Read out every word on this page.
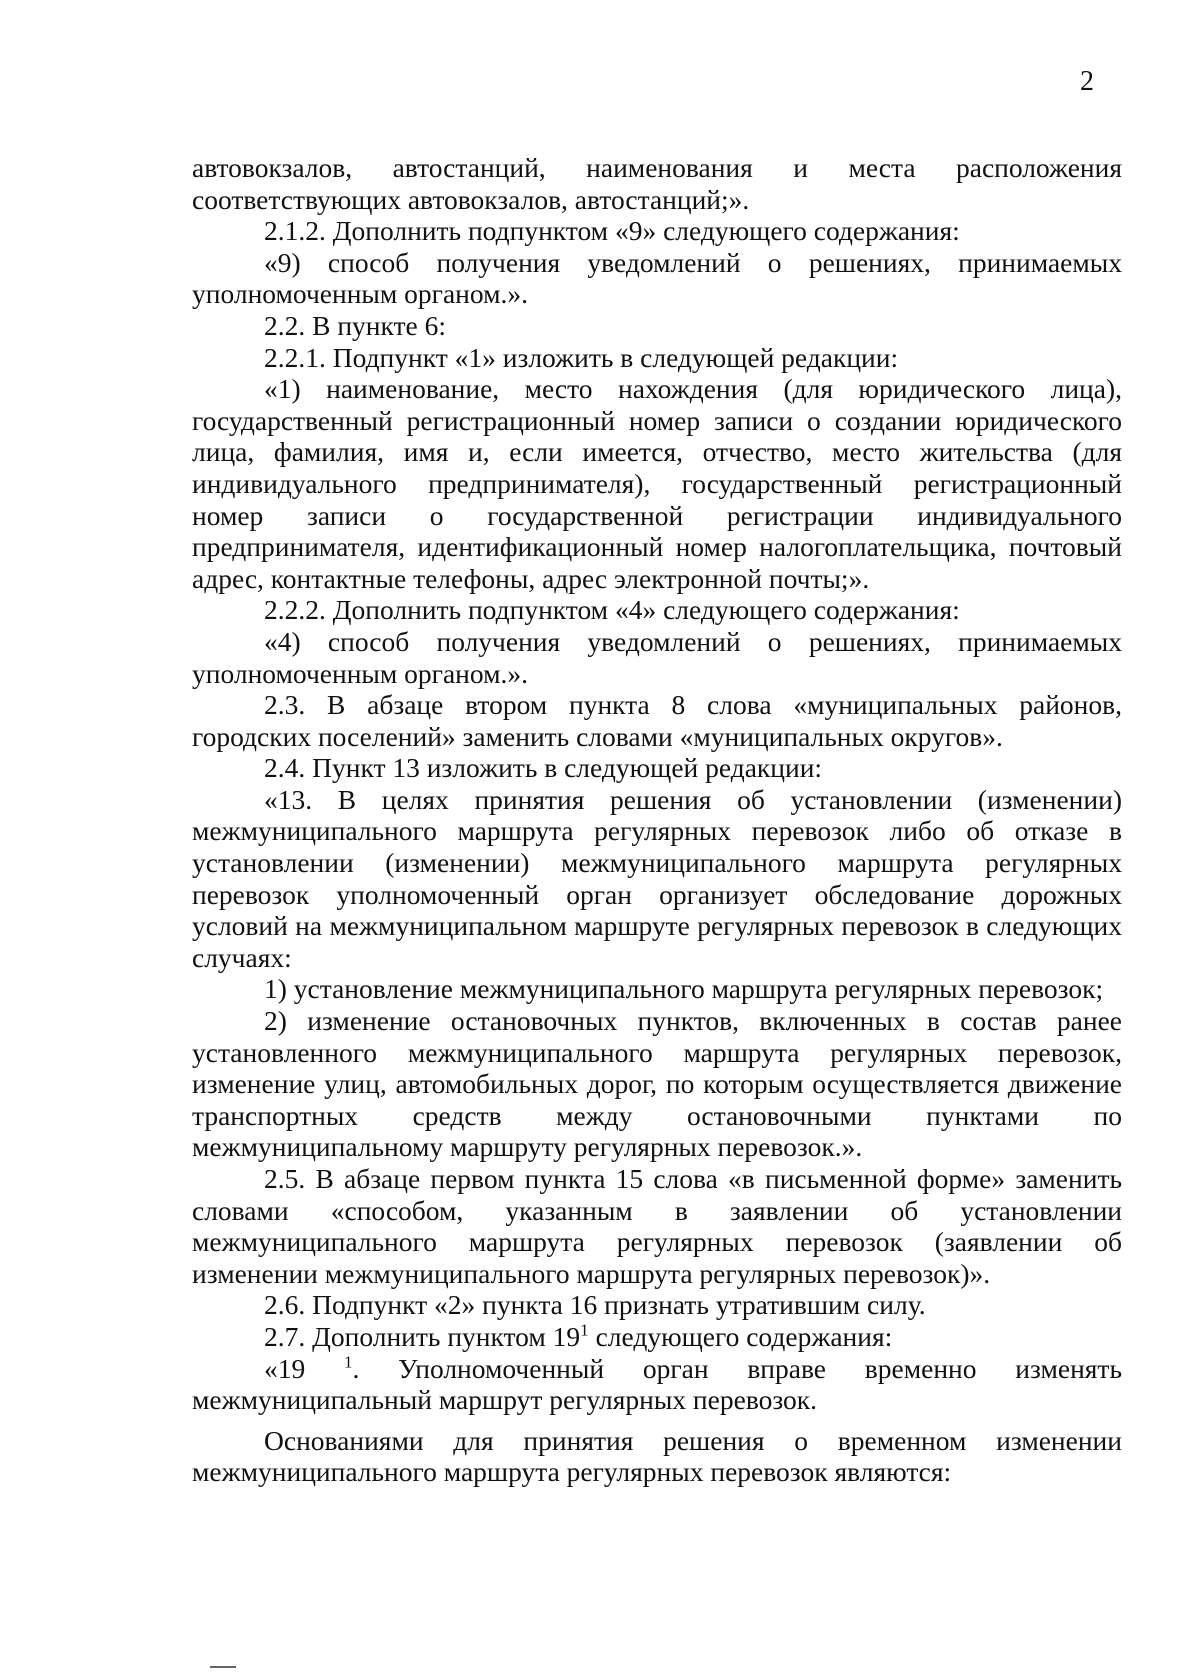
2

автовокзалов, автостанций, наименования и места расположения соответствующих автовокзалов, автостанций;».

2.1.2. Дополнить подпунктом «9» следующего содержания:

«9) способ получения уведомлений о решениях, принимаемых уполномоченным органом.».

2.2. В пункте 6:

2.2.1. Подпункт «1» изложить в следующей редакции:

«1) наименование, место нахождения (для юридического лица), государственный регистрационный номер записи о создании юридического лица, фамилия, имя и, если имеется, отчество, место жительства (для индивидуального предпринимателя), государственный регистрационный номер записи о государственной регистрации индивидуального предпринимателя, идентификационный номер налогоплательщика, почтовый адрес, контактные телефоны, адрес электронной почты;».

2.2.2. Дополнить подпунктом «4» следующего содержания:

«4) способ получения уведомлений о решениях, принимаемых уполномоченным органом.».

2.3. В абзаце втором пункта 8 слова «муниципальных районов, городских поселений» заменить словами «муниципальных округов».

2.4. Пункт 13 изложить в следующей редакции:

«13. В целях принятия решения об установлении (изменении) межмуниципального маршрута регулярных перевозок либо об отказе в установлении (изменении) межмуниципального маршрута регулярных перевозок уполномоченный орган организует обследование дорожных условий на межмуниципальном маршруте регулярных перевозок в следующих случаях:

1) установление межмуниципального маршрута регулярных перевозок;

2) изменение остановочных пунктов, включенных в состав ранее установленного межмуниципального маршрута регулярных перевозок, изменение улиц, автомобильных дорог, по которым осуществляется движение транспортных средств между остановочными пунктами по межмуниципальному маршруту регулярных перевозок.».

2.5. В абзаце первом пункта 15 слова «в письменной форме» заменить словами «способом, указанным в заявлении об установлении межмуниципального маршрута регулярных перевозок (заявлении об изменении межмуниципального маршрута регулярных перевозок)».

2.6. Подпункт «2» пункта 16 признать утратившим силу.

2.7. Дополнить пунктом $19^1$ следующего содержания:

«19 $^1$. Уполномоченный орган вправе временно изменять межмуниципальный маршрут регулярных перевозок.

Основаниями для принятия решения о временном изменении межмуниципального маршрута регулярных перевозок являются:
